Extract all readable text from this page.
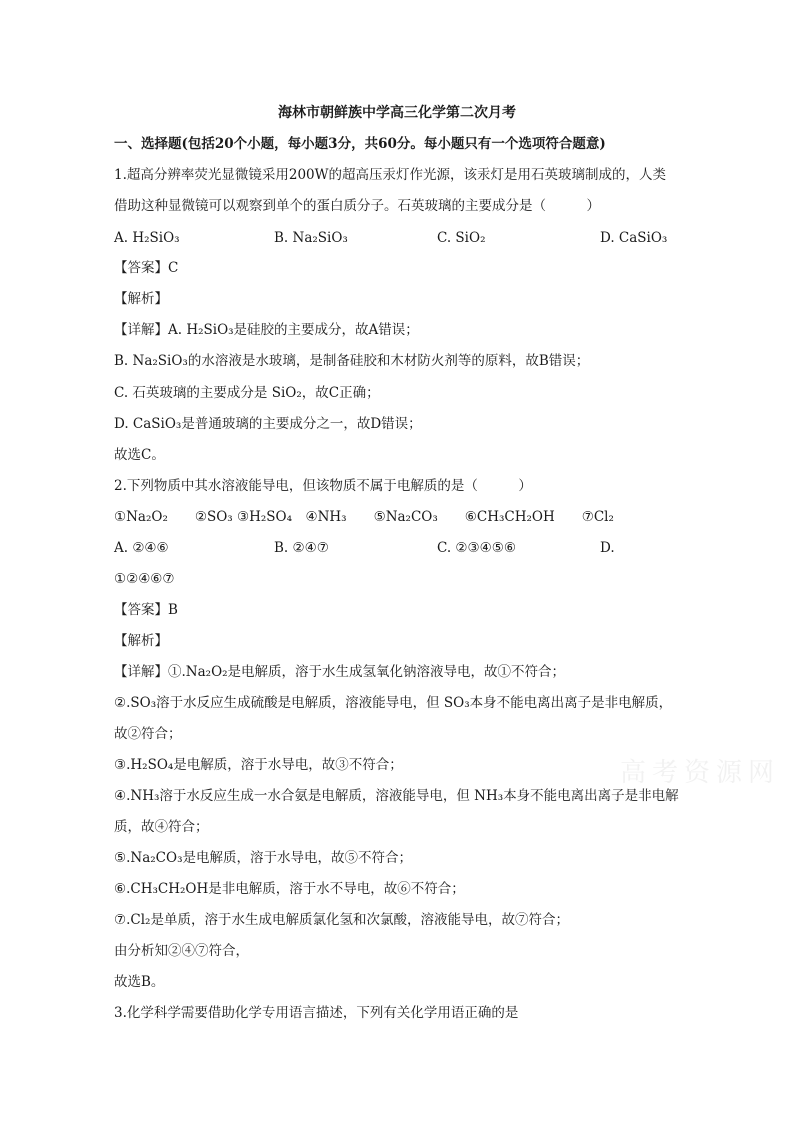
海林市朝鲜族中学高三化学第二次月考
一、选择题(包括20个小题，每小题3分，共60分。每小题只有一个选项符合题意)
1.超高分辨率荧光显微镜采用200W的超高压汞灯作光源，该汞灯是用石英玻璃制成的，人类
借助这种显微镜可以观察到单个的蛋白质分子。石英玻璃的主要成分是（　　　）
A. H₂SiO₃	B. Na₂SiO₃	C. SiO₂	D. CaSiO₃
【答案】C
【解析】
【详解】A. H₂SiO₃是硅胶的主要成分，故A错误；
B. Na₂SiO₃的水溶液是水玻璃，是制备硅胶和木材防火剂等的原料，故B错误；
C. 石英玻璃的主要成分是 SiO₂，故C正确；
D. CaSiO₃是普通玻璃的主要成分之一，故D错误；
故选C。
2.下列物质中其水溶液能导电，但该物质不属于电解质的是（　　　）
①Na₂O₂　　②SO₃ ③H₂SO₄　④NH₃　　⑤Na₂CO₃　　⑥CH₃CH₂OH　　⑦Cl₂
A. ②④⑥	B. ②④⑦	C. ②③④⑤⑥	D.
①②④⑥⑦
【答案】B
【解析】
【详解】①.Na₂O₂是电解质，溶于水生成氢氧化钠溶液导电，故①不符合；
②.SO₃溶于水反应生成硫酸是电解质，溶液能导电，但 SO₃本身不能电离出离子是非电解质，
故②符合；
③.H₂SO₄是电解质，溶于水导电，故③不符合；
④.NH₃溶于水反应生成一水合氨是电解质，溶液能导电，但 NH₃本身不能电离出离子是非电解
质，故④符合；
⑤.Na₂CO₃是电解质，溶于水导电，故⑤不符合；
⑥.CH₃CH₂OH是非电解质，溶于水不导电，故⑥不符合；
⑦.Cl₂是单质，溶于水生成电解质氯化氢和次氯酸，溶液能导电，故⑦符合；
由分析知②④⑦符合，
故选B。
3.化学科学需要借助化学专用语言描述，下列有关化学用语正确的是
高考资源网
